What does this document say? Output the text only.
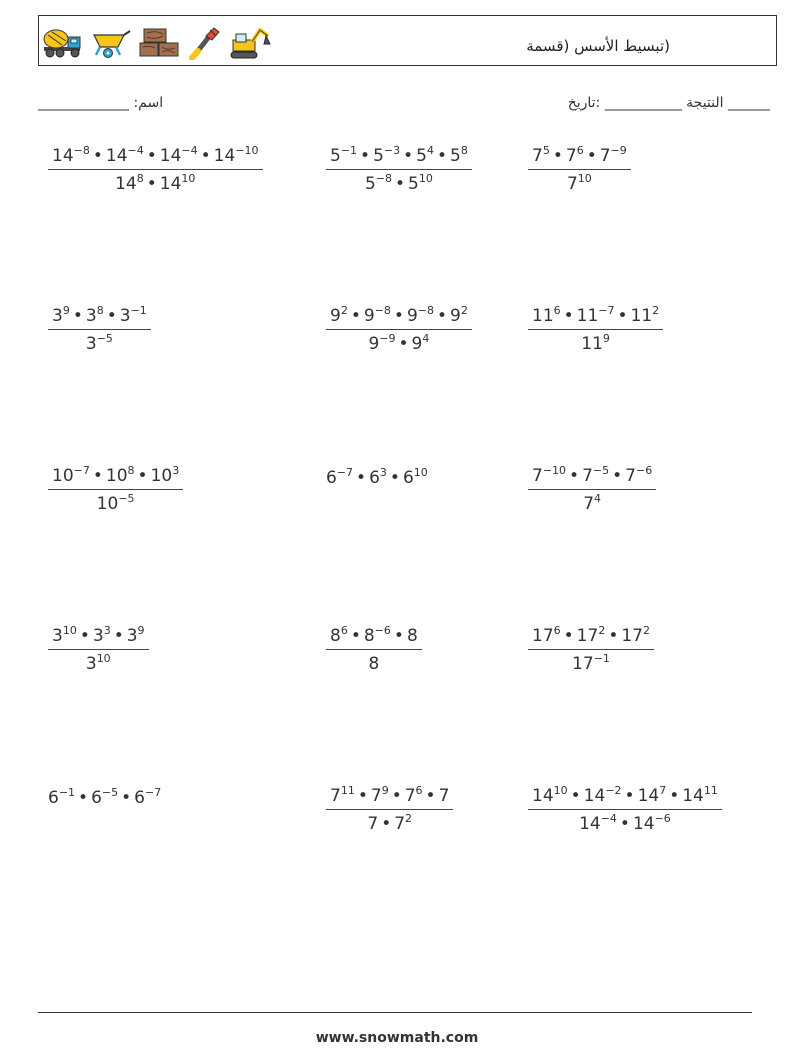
(تبسيط الأسس (قسمة
_____________ :اسم	النتيجة ___________ :تاريخ ______
$\frac{14^{-8} • 14^{-4} • 14^{-4} • 14^{-10}}{14^8 • 14^{10}}$	$\frac{5^{-1} • 5^{-3} • 5^4 • 5^8}{5^{-8} • 5^{10}}$	$\frac{7^5 • 7^6 • 7^{-9}}{7^{10}}$
$\frac{3^9 • 3^8 • 3^{-1}}{3^{-5}}$	$\frac{9^2 • 9^{-8} • 9^{-8} • 9^2}{9^{-9} • 9^4}$	$\frac{11^6 • 11^{-7} • 11^2}{11^9}$
$\frac{10^{-7} • 10^8 • 10^3}{10^{-5}}$	$6^{-7}$ • $6^3$ • $6^{10}$	$\frac{7^{-10} • 7^{-5} • 7^{-6}}{7^4}$
$\frac{3^{10} • 3^3 • 3^9}{3^{10}}$	$\frac{8^6 • 8^{-6} • 8}{8}$	$\frac{17^6 • 17^2 • 17^2}{17^{-1}}$
$6^{-1}$ • $6^{-5}$ • $6^{-7}$	$\frac{7^{11} • 7^9 • 7^6 • 7}{7 • 7^2}$	$\frac{14^{10} • 14^{-2} • 14^7 • 14^{11}}{14^{-4} • 14^{-6}}$
www.snowmath.com
